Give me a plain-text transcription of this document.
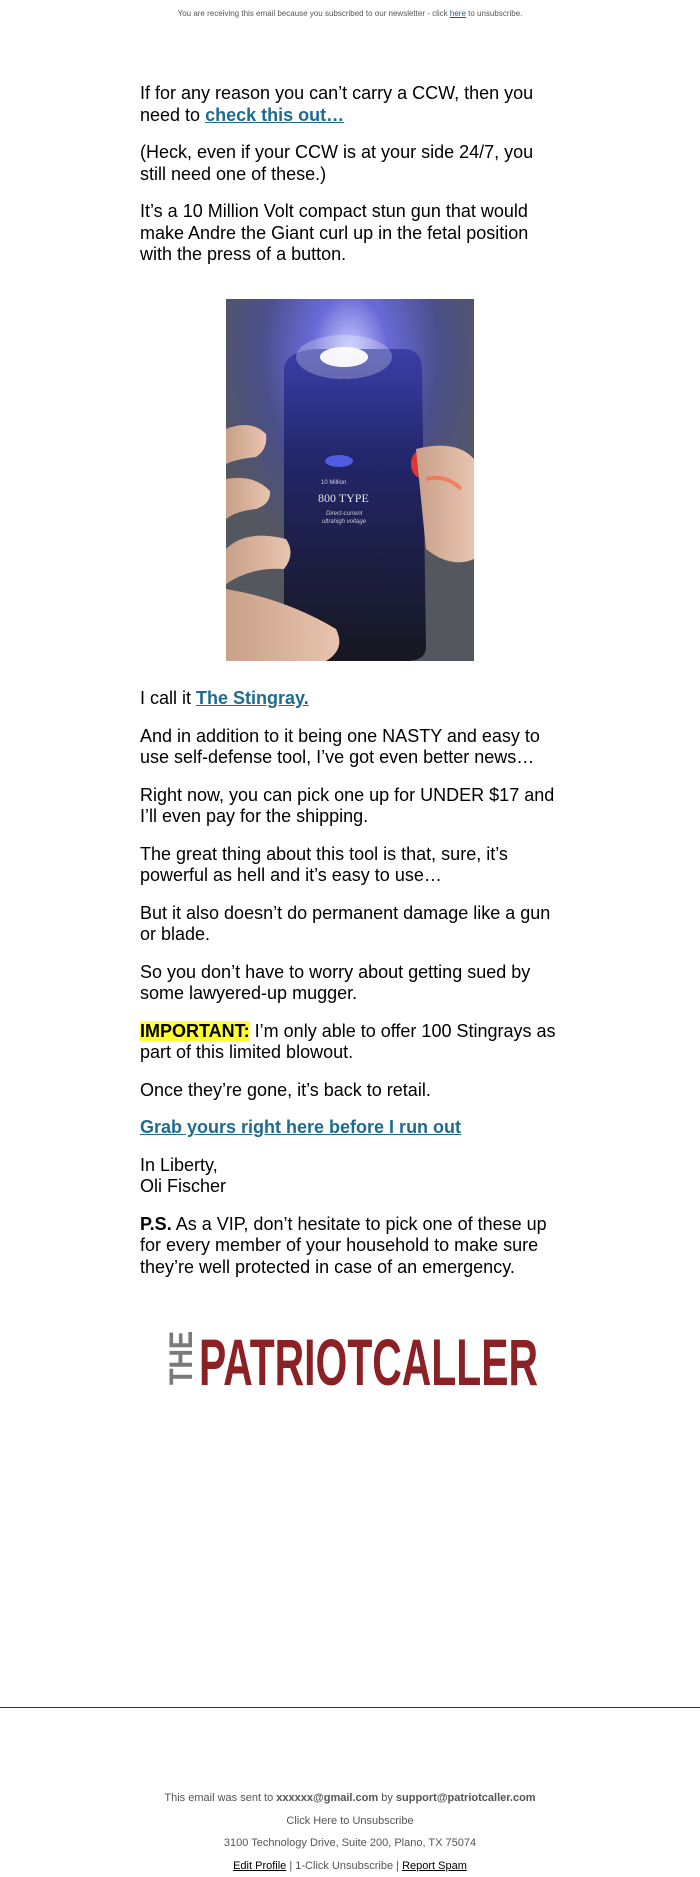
You are receiving this email because you subscribed to our newsletter - click here to unsubscribe.

If for any reason you can’t carry a CCW, then you need to check this out…

(Heck, even if your CCW is at your side 24/7, you still need one of these.)

It’s a 10 Million Volt compact stun gun that would make Andre the Giant curl up in the fetal position with the press of a button.

10 Million
800 TYPE
Direct-current
ultrahigh voltage

I call it The Stingray.

And in addition to it being one NASTY and easy to use self-defense tool, I’ve got even better news…

Right now, you can pick one up for UNDER $17 and I’ll even pay for the shipping.

The great thing about this tool is that, sure, it’s powerful as hell and it’s easy to use…

But it also doesn’t do permanent damage like a gun or blade.

So you don’t have to worry about getting sued by some lawyered-up mugger.

IMPORTANT: I’m only able to offer 100 Stingrays as part of this limited blowout.

Once they’re gone, it’s back to retail.

Grab yours right here before I run out

In Liberty,
Oli Fischer

P.S. As a VIP, don’t hesitate to pick one of these up for every member of your household to make sure they’re well protected in case of an emergency.

THE PATRIOTCALLER
This email was sent to xxxxxx@gmail.com by support@patriotcaller.com
Click Here to Unsubscribe
3100 Technology Drive, Suite 200, Plano, TX 75074
Edit Profile | 1-Click Unsubscribe | Report Spam
